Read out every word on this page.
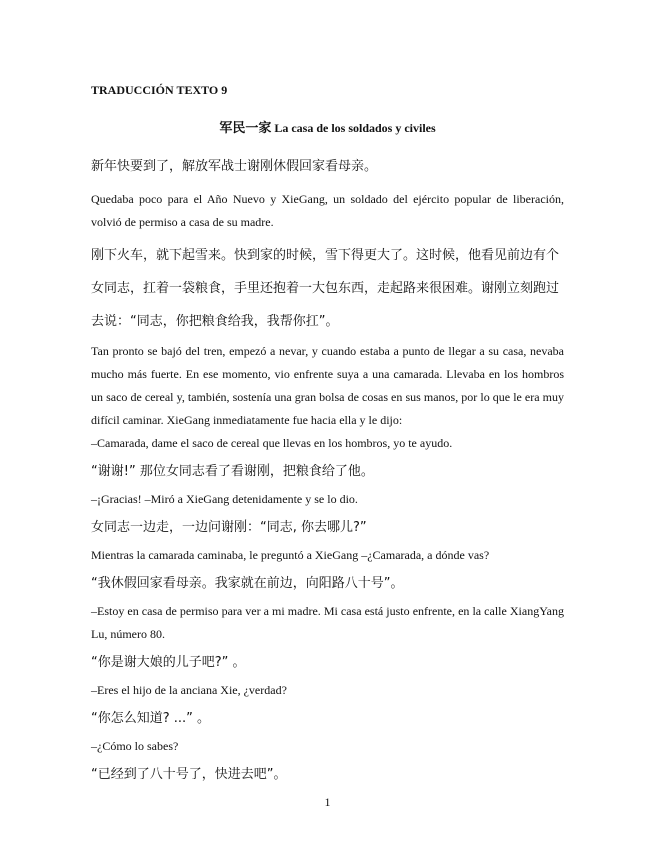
TRADUCCIÓN TEXTO 9
军民一家 La casa de los soldados y civiles

新年快要到了，解放军战士谢刚休假回家看母亲。

Quedaba poco para el Año Nuevo y XieGang, un soldado del ejército popular de liberación, volvió de permiso a casa de su madre.

刚下火车，就下起雪来。快到家的时候，雪下得更大了。这时候，他看见前边有个

女同志，扛着一袋粮食，手里还抱着一大包东西，走起路来很困难。谢刚立刻跑过

去说：“同志，你把粮食给我，我帮你扛”。

Tan pronto se bajó del tren, empezó a nevar, y cuando estaba a punto de llegar a su casa, nevaba mucho más fuerte. En ese momento, vio enfrente suya a una camarada. Llevaba en los hombros un saco de cereal y, también, sostenía una gran bolsa de cosas en sus manos, por lo que le era muy difícil caminar. XieGang inmediatamente fue hacia ella y le dijo:

–Camarada, dame el saco de cereal que llevas en los hombros, yo te ayudo.

“谢谢!” 那位女同志看了看谢刚，把粮食给了他。

–¡Gracias! –Miró a XieGang detenidamente y se lo dio.

女同志一边走，一边问谢刚：“同志, 你去哪儿?”

Mientras la camarada caminaba, le preguntó a XieGang –¿Camarada, a dónde vas?

“我休假回家看母亲。我家就在前边，向阳路八十号”。

–Estoy en casa de permiso para ver a mi madre. Mi casa está justo enfrente, en la calle XiangYang Lu, número 80.

“你是谢大娘的儿子吧?” 。

–Eres el hijo de la anciana Xie, ¿verdad?

“你怎么知道? ...” 。

–¿Cómo lo sabes?

“已经到了八十号了，快进去吧”。

1
